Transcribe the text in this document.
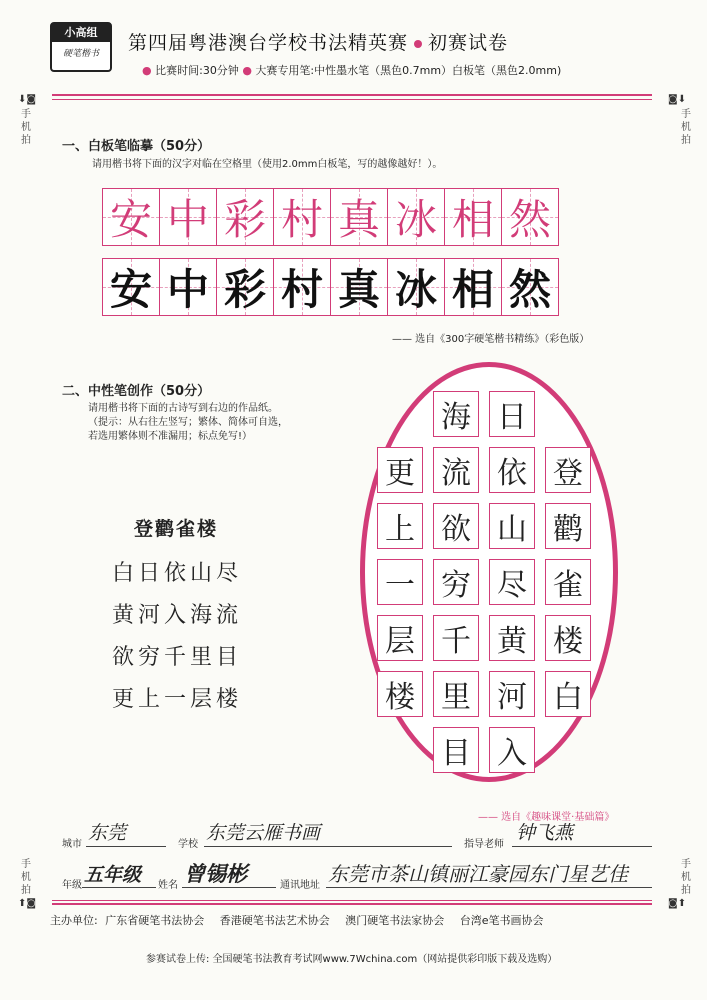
小高组
硬笔楷书	第四届粤港澳台学校书法精英赛 初赛试卷
● 比赛时间:30分钟 ● 大赛专用笔:中性墨水笔（黑色0.7mm）白板笔（黑色2.0mm)
⬇◙
手机拍
◙⬇
手机拍
手机拍
⬆◙
手机拍
◙⬆
一、白板笔临摹（50分）
请用楷书将下面的汉字对临在空格里（使用2.0mm白板笔，写的越像越好！）。
安 中 彩 村 真 冰 相 然
安 中 彩 村 真 冰 相 然
—— 选自《300字硬笔楷书精练》（彩色版）
二、中性笔创作（50分）
请用楷书将下面的古诗写到右边的作品纸。
（提示：从右往左竖写；繁体、简体可自选，
若选用繁体则不准漏用；标点免写!）
登鹳雀楼
白日依山尽
黄河入海流
欲穷千里目
更上一层楼
登
鹳
雀
楼
白
日
依
山
尽
黄
河
入
海
流
欲
穷
千
里
目
更
上
一
层
楼
—— 选自《趣味课堂·基础篇》
城市
东莞
学校
东莞云雁书画
指导老师
钟飞燕
年级 五年级 姓名 曾锡彬	通讯地址 东莞市茶山镇丽江豪园东门星艺佳
主办单位: 广东省硬笔书法协会 香港硬笔书法艺术协会 澳门硬笔书法家协会 台湾e笔书画协会
参赛试卷上传: 全国硬笔书法教育考试网www.7Wchina.com（网站提供彩印版下载及选购）
